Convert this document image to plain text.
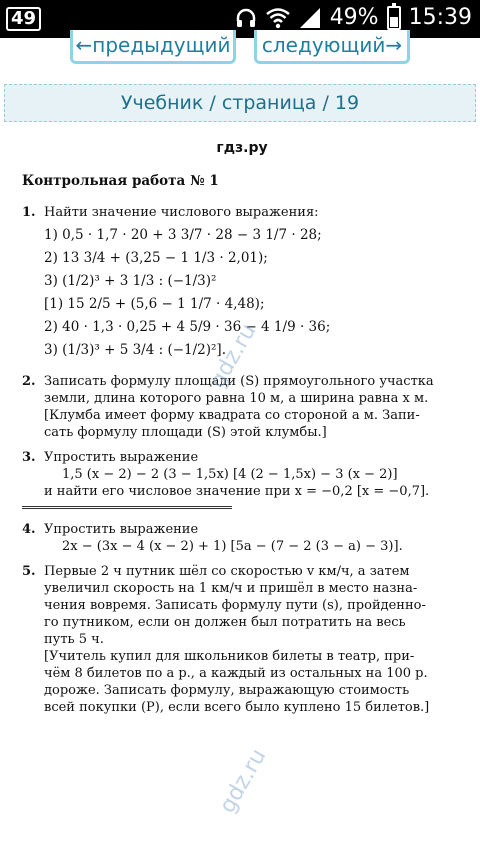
49	49% 15:39
←предыдущий	следующий→
Учебник / страница / 19
гдз.ру
Контрольная работа № 1
1. Найти значение числового выражения:
1) 0,5 · 1,7 · 20 + 3 3/7 · 28 − 3 1/7 · 28;
2) 13 3/4 + (3,25 − 1 1/3 · 2,01);
3) (1/2)³ + 3 1/3 : (−1/3)²
[1) 15 2/5 + (5,6 − 1 1/7 · 4,48);
2) 40 · 1,3 · 0,25 + 4 5/9 · 36 − 4 1/9 · 36;
3) (1/3)³ + 5 3/4 : (−1/2)²].
2. Записать формулу площади (S) прямоугольного участка
земли, длина которого равна 10 м, а ширина равна x м.
[Клумба имеет форму квадрата со стороной a м. Запи-
сать формулу площади (S) этой клумбы.]
3. Упростить выражение
1,5 (x − 2) − 2 (3 − 1,5x) [4 (2 − 1,5x) − 3 (x − 2)]
и найти его числовое значение при x = −0,2 [x = −0,7].
4. Упростить выражение
2x − (3x − 4 (x − 2) + 1) [5a − (7 − 2 (3 − a) − 3)].
5. Первые 2 ч путник шёл со скоростью v км/ч, а затем
увеличил скорость на 1 км/ч и пришёл в место назна-
чения вовремя. Записать формулу пути (s), пройденно-
го путником, если он должен был потратить на весь
путь 5 ч.
[Учитель купил для школьников билеты в театр, при-
чём 8 билетов по a р., а каждый из остальных на 100 р.
дороже. Записать формулу, выражающую стоимость
всей покупки (P), если всего было куплено 15 билетов.]
gdz.ru
gdz.ru
